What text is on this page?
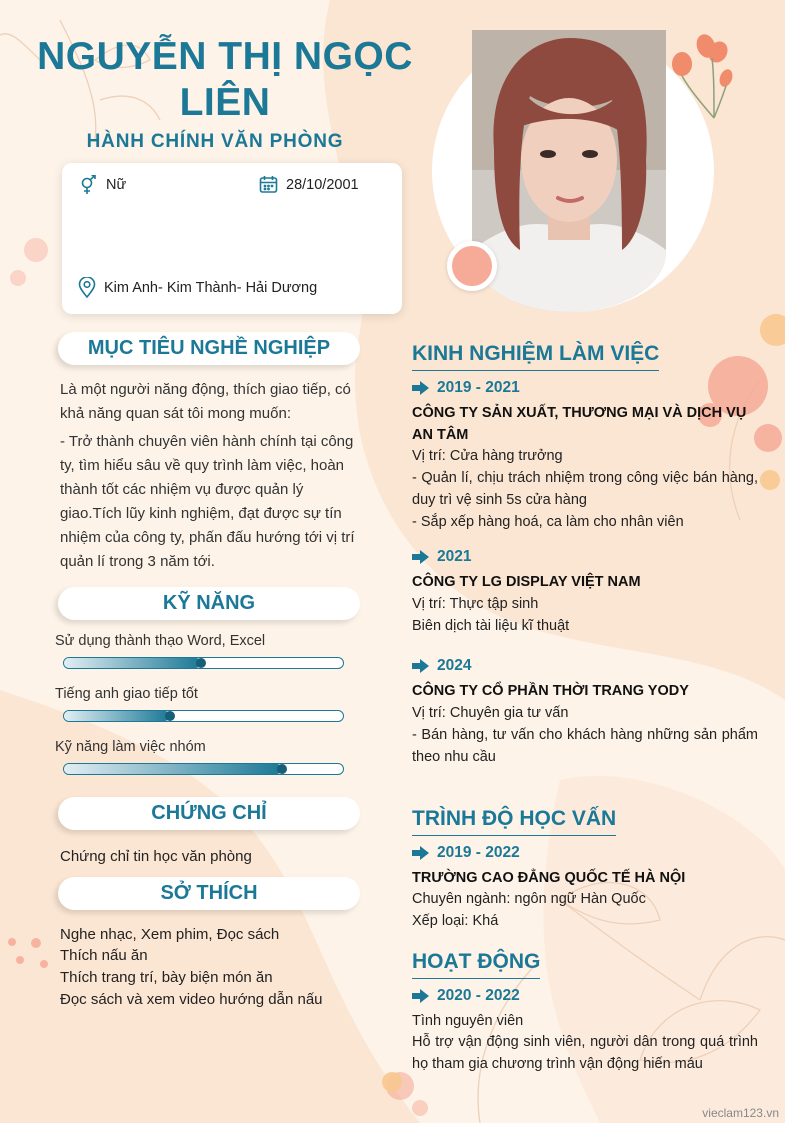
NGUYỄN THỊ NGỌC
LIÊN
HÀNH CHÍNH VĂN PHÒNG
Nữ	28/10/2001
Kim Anh- Kim Thành- Hải Dương
MỤC TIÊU NGHỀ NGHIỆP
Là một người năng động, thích giao tiếp, có khả năng quan sát tôi mong muốn:
- Trở thành chuyên viên hành chính tại công ty, tìm hiểu sâu về quy trình làm việc, hoàn thành tốt các nhiệm vụ được quản lý giao.Tích lũy kinh nghiệm, đạt được sự tín nhiệm của công ty, phấn đấu hướng tới vị trí quản lí trong 3 năm tới.
KỸ NĂNG
Sử dụng thành thạo Word, Excel
Tiếng anh giao tiếp tốt
Kỹ năng làm việc nhóm
CHỨNG CHỈ
Chứng chỉ tin học văn phòng
SỞ THÍCH
Nghe nhạc, Xem phim, Đọc sách
Thích nấu ăn
Thích trang trí, bày biện món ăn
Đọc sách và xem video hướng dẫn nấu
KINH NGHIỆM LÀM VIỆC
2019 - 2021
CÔNG TY SẢN XUẤT, THƯƠNG MẠI VÀ DỊCH VỤ AN TÂM
Vị trí: Cửa hàng trưởng
- Quản lí, chịu trách nhiệm trong công việc bán hàng, duy trì vệ sinh 5s cửa hàng
- Sắp xếp hàng hoá, ca làm cho nhân viên
2021
CÔNG TY LG DISPLAY VIỆT NAM
Vị trí: Thực tập sinh
Biên dịch tài liệu kĩ thuật
2024
CÔNG TY CỔ PHẦN THỜI TRANG YODY
Vị trí: Chuyên gia tư vấn
- Bán hàng, tư vấn cho khách hàng những sản phẩm theo nhu cầu
TRÌNH ĐỘ HỌC VẤN
2019 - 2022
TRƯỜNG CAO ĐẲNG QUỐC TẾ HÀ NỘI
Chuyên ngành: ngôn ngữ Hàn Quốc
Xếp loại: Khá
HOẠT ĐỘNG
2020 - 2022
Tình nguyên viên
Hỗ trợ vận động sinh viên, người dân trong quá trình họ tham gia chương trình vận động hiến máu
vieclam123.vn
